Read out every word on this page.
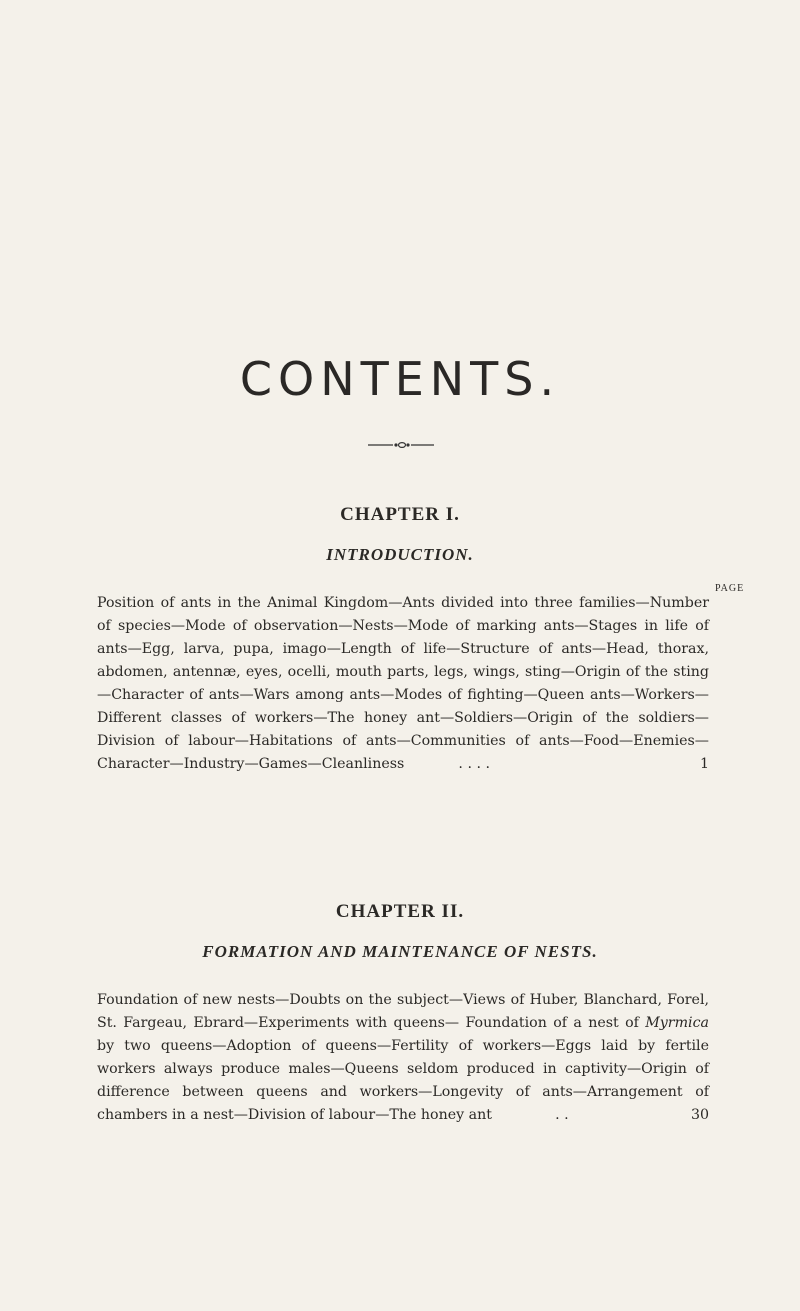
CONTENTS.
CHAPTER I.
INTRODUCTION.
PAGE

Position of ants in the Animal Kingdom—Ants divided into three families—Number of species—Mode of observation—Nests—Mode of marking ants—Stages in life of ants—Egg, larva, pupa, imago—Length of life—Structure of ants—Head, thorax, abdomen, antennæ, eyes, ocelli, mouth parts, legs, wings, sting—Origin of the sting—Character of ants—Wars among ants—Modes of fighting—Queen ants—Workers—Different classes of workers—The honey ant—Soldiers—Origin of the soldiers—Division of labour—Habitations of ants—Communities of ants—Food—Enemies—Character—Industry—Games—Cleanliness	. . . .	1

CHAPTER II.
FORMATION AND MAINTENANCE OF NESTS.

Foundation of new nests—Doubts on the subject—Views of Huber, Blanchard, Forel, St. Fargeau, Ebrard—Experiments with queens— Foundation of a nest of Myrmica by two queens—Adoption of queens—Fertility of workers—Eggs laid by fertile workers always produce males—Queens seldom produced in captivity—Origin of difference between queens and workers—Longevity of ants—Arrangement of chambers in a nest—Division of labour—The honey ant	. .	30
